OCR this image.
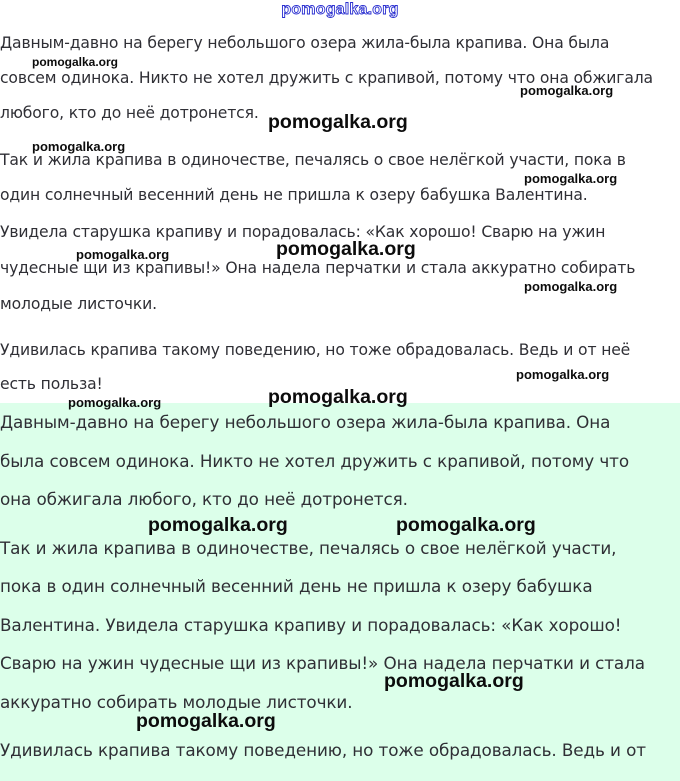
pomogalka.org
Давным-давно на берегу небольшого озера жила-была крапива. Она была
совсем одинока. Никто не хотел дружить с крапивой, потому что она обжигала
любого, кто до неё дотронется.
Так и жила крапива в одиночестве, печалясь о свое нелёгкой участи, пока в
один солнечный весенний день не пришла к озеру бабушка Валентина.
Увидела старушка крапиву и порадовалась: «Как хорошо! Сварю на ужин
чудесные щи из крапивы!» Она надела перчатки и стала аккуратно собирать
молодые листочки.
Удивилась крапива такому поведению, но тоже обрадовалась. Ведь и от неё
есть польза!
Давным-давно на берегу небольшого озера жила-была крапива. Она
была совсем одинока. Никто не хотел дружить с крапивой, потому что
она обжигала любого, кто до неё дотронется.
Так и жила крапива в одиночестве, печалясь о свое нелёгкой участи,
пока в один солнечный весенний день не пришла к озеру бабушка
Валентина. Увидела старушка крапиву и порадовалась: «Как хорошо!
Сварю на ужин чудесные щи из крапивы!» Она надела перчатки и стала
аккуратно собирать молодые листочки.
Удивилась крапива такому поведению, но тоже обрадовалась. Ведь и от
pomogalka.org
pomogalka.org
pomogalka.org
pomogalka.org
pomogalka.org
pomogalka.org
pomogalka.org
pomogalka.org
pomogalka.org
pomogalka.org
pomogalka.org
pomogalka.org	pomogalka.org
pomogalka.org
pomogalka.org
